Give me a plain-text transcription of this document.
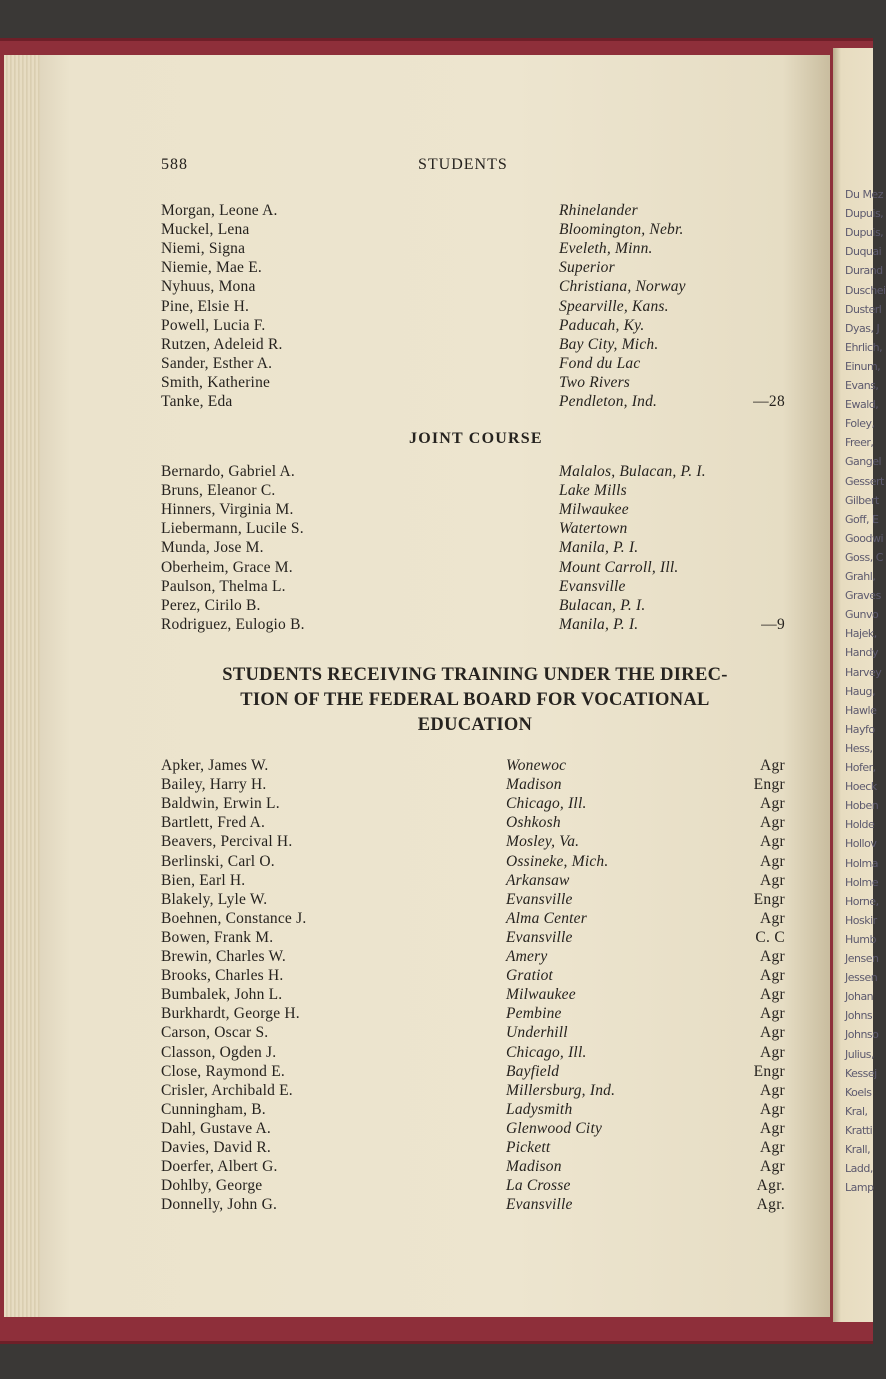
Du Mez
Dupuis,
Dupuis,
Duquai
Durand
Duschei
Dusterl
Dyas, J
Ehrlich,
Einum,
Evans,
Ewald,
Foley,
Freer,
Gangel
Gessert
Gilbert
Goff, E
Goodwi
Goss, C
Grahl,
Graves
Gunvo
Hajek,
Handy
Harvey
Haug,
Hawle
Hayfo
Hess,
Hofer,
Hoeck
Hoben
Holde
Hollov
Holma
Holme
Horne,
Hoskir
Humb
Jensen
Jessen
Johan
Johns
Johnso
Julius,
Kessej
Koels
Kral,
Kratti
Krall,
Ladd,
Lamp
588	STUDENTS
Morgan, Leone A.	Rhinelander
Muckel, Lena	Bloomington, Nebr.
Niemi, Signa	Eveleth, Minn.
Niemie, Mae E.	Superior
Nyhuus, Mona	Christiana, Norway
Pine, Elsie H.	Spearville, Kans.
Powell, Lucia F.	Paducah, Ky.
Rutzen, Adeleid R.	Bay City, Mich.
Sander, Esther A.	Fond du Lac
Smith, Katherine	Two Rivers
Tanke, Eda	Pendleton, Ind.	—28
JOINT COURSE
Bernardo, Gabriel A.	Malalos, Bulacan, P. I.
Bruns, Eleanor C.	Lake Mills
Hinners, Virginia M.	Milwaukee
Liebermann, Lucile S.	Watertown
Munda, Jose M.	Manila, P. I.
Oberheim, Grace M.	Mount Carroll, Ill.
Paulson, Thelma L.	Evansville
Perez, Cirilo B.	Bulacan, P. I.
Rodriguez, Eulogio B.	Manila, P. I.	—9
STUDENTS RECEIVING TRAINING UNDER THE DIREC-
TION OF THE FEDERAL BOARD FOR VOCATIONAL
EDUCATION
Apker, James W.	Wonewoc	Agr
Bailey, Harry H.	Madison	Engr
Baldwin, Erwin L.	Chicago, Ill.	Agr
Bartlett, Fred A.	Oshkosh	Agr
Beavers, Percival H.	Mosley, Va.	Agr
Berlinski, Carl O.	Ossineke, Mich.	Agr
Bien, Earl H.	Arkansaw	Agr
Blakely, Lyle W.	Evansville	Engr
Boehnen, Constance J.	Alma Center	Agr
Bowen, Frank M.	Evansville	C. C
Brewin, Charles W.	Amery	Agr
Brooks, Charles H.	Gratiot	Agr
Bumbalek, John L.	Milwaukee	Agr
Burkhardt, George H.	Pembine	Agr
Carson, Oscar S.	Underhill	Agr
Classon, Ogden J.	Chicago, Ill.	Agr
Close, Raymond E.	Bayfield	Engr
Crisler, Archibald E.	Millersburg, Ind.	Agr
Cunningham, B.	Ladysmith	Agr
Dahl, Gustave A.	Glenwood City	Agr
Davies, David R.	Pickett	Agr
Doerfer, Albert G.	Madison	Agr
Dohlby, George	La Crosse	Agr.
Donnelly, John G.	Evansville	Agr.
